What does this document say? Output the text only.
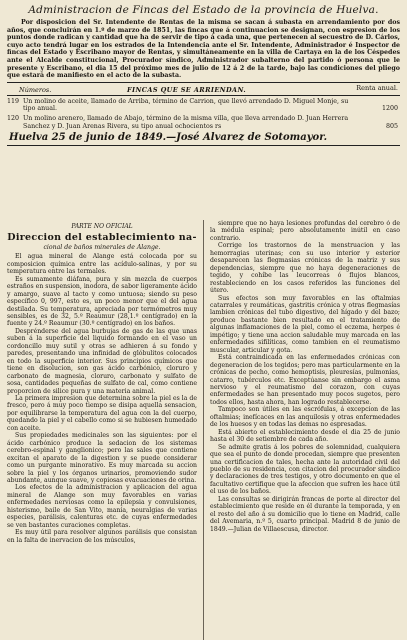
Administracion de Fincas del Estado de la provincia de Huelva.
Por disposicion del Sr. Intendente de Rentas de la misma se sacan á subasta en arrendamiento por dos años, que concluirán en 1.º de marzo de 1851, las fincas que á continuacion se designan, con espresion de los puntos donde radican y cantidad que ha de servir de tipo á cada una, que pertenecen al secuestro de D. Cárlos, cuyo acto tendrá lugar en los estrados de la Intendencia ante el Sr. Intendente, Administrador é Inspector de fincas del Estado y Escribano mayor de Rentas, y simultáneamente en la villa de Cartaya en la de los Céspedes ante el Alcalde constitucional, Procurador síndico, Administrador subalterno del partido ó persona que le presente y Escribano, el dia 15 del próximo mes de julio de 12 á 2 de la tarde, bajo las condiciones del pliego que estará de manifiesto en el acto de la subasta.
Números.	FINCAS QUE SE ARRIENDAN.	Renta anual.
119 Un molino de aceite, llamado de Arriba, término de Carrion, que llevó arrendado D. Miguel Monje, su tipo anual.	1200
120 Un molino arenero, llamado de Abajo, término de la misma villa, que lleva arrendado D. Juan Herrera Sanchez y D. Juan Arenas Rivera, su tipo anual ochocientos rs	805
Huelva 25 de junio de 1849.—José Alvarez de Sotomayor.
PARTE NO OFICIAL
Direccion del establecimiento na-
cional de baños minerales de Alange.

El agua mineral de Alange está colocada por su composicion química entre las acídulo-salinas, y por su temperatura entre las termales.

Es sumamente diáfana, pura y sin mezcla de cuerpos estraños en suspension, inodora, de sabor ligeramente ácido y amargo, suave al tacto y como untuosa; siendo su peso específico 0, 997, esto es, un poco menor que el del agua destilada. Su temperatura, apreciada por termómetros muy sensibles, es de 32, 5.º Reaumur (28,1.º centígrado) en la fuente y 24.º Reaumur (30.º centígrado) en los baños.

Desprénderse del agua burbujas de gas de las que unas suben á la superficie del liquido formando en el vaso un cordoncillo muy sutil y otras se adhieren á su fondo y paredes, presentando una infinidad de glóbulitos colocados en todo la superficie interior. Sus principios químicos que tiene en disolucion, son gas ácido carbónico, cloruro y carbonato de magnesia, cloruro, carbonato y sulfato de sosa, cantidades pequeñas de sulfato de cal, como contiene proporcion de silice pura y una materia animal.

La primera impresion que determina sobre la piel es la de fresco, pero á muy poco tiempo se disipa aquella sensacion, por equilibrarse la temperatura del agua con la del cuerpo, quedando la piel y el cabello como si se hubiesen humedado con aceite.

Sus propiedades medicinales son las siguientes: por el ácido carbónico produce la sedacion de los sistemas cerebro-espinal y ganglionico; pero las sales que contiene excitan el aparato de la digestion y se puede considerar como un purgante minorativo. Es muy marcada su accion sobre la piel y los órganos urinarios, promoviendo sudor abundante, aunque suave, y copiosas evacuaciones de orina.

Los efectos de la administracion y aplicacion del agua mineral de Alange son muy favorables en varias enfermedades nerviosas como la epilepsia y convulsiones, histerismo, baile de San Vito, manía, neuralgias de varias especies, parálisis, calenturas etc. de cuyas enfermedades se ven bastantes curaciones completas.

Es muy útil para resolver algunos parálisis que consistan en la falta de inervacion de los músculos,

siempre que no haya lesiones profundas del cerebro ó de la médula espinal; pero absolutamente inútil en caso contrario.

Corrige los trastornos de la menstruacion y las hemorragias uterinas; con su uso interior y esterior desaparecen las flegmasias crónicas de la matriz y sus dependencias, siempre que no haya degeneraciones de tegido, y cohíbe las leucorreas ó flujos blancos, restableciendo en los casos referidos las funciones del útero.

Sus efectos son muy favorables en las oftalmias catarrales y reumáticas, gastritis crónica y otras flegmasías lambien crónicas del tubo digestivo, del hígado y del bazo; produce bastante bien resultado en el tratamiento de algunas inflamaciones de la piel, como el eczema, herpes é impétigo; y tiene una accion saludable muy marcada en las enfermedades sifilíticas, como tambien en el reumatismo muscular, articular y gota.

Está contraindicada en las enfermedades crónicas con degeneracion de los tegidos; pero mas particularmente en la crónicas de pecho, como hemoptisis, pleuresías, pulmonías, catarro, tubérculos etc. Exceptúanse sin embargo el asma nervioso y el reumatismo del corazon, con cuyas enfermedades se han presentado muy pocos sugetos, pero todos ellos, hasta ahora, han logrado restablecerse.

Tampoco son útiles en las escrófulas, á excepcion de las oftalmias; inefícaces en las anquilosis y otras enfermedades de los huesos y en todas las demas no espresadas.

Está abierto el establecimiento desde el dia 25 de junio hasta el 30 de setiembre de cada año.

Se admite gratis á los pobres de solemnidad, cualquiera que sea el punto de donde procedan, siempre que presenten una certificacion de tales, hecha ante la autoridad civil del pueblo de su residencia, con citacion del procurador síndico y declaraciones de tres testigos, y otro documento en que el facultativo certifique que la afeccion que sufren les hace útil el uso de los baños.

Las consultas se dirigirán francas de porte al director del establecimiento que reside en él durante la temporada, y en el resto del año á su domicilio que lo tiene en Madrid, calle del Avemaria, n.º 5, cuarto principal. Madrid 8 de junio de 1849.—Julian de Villaescusa, director.
